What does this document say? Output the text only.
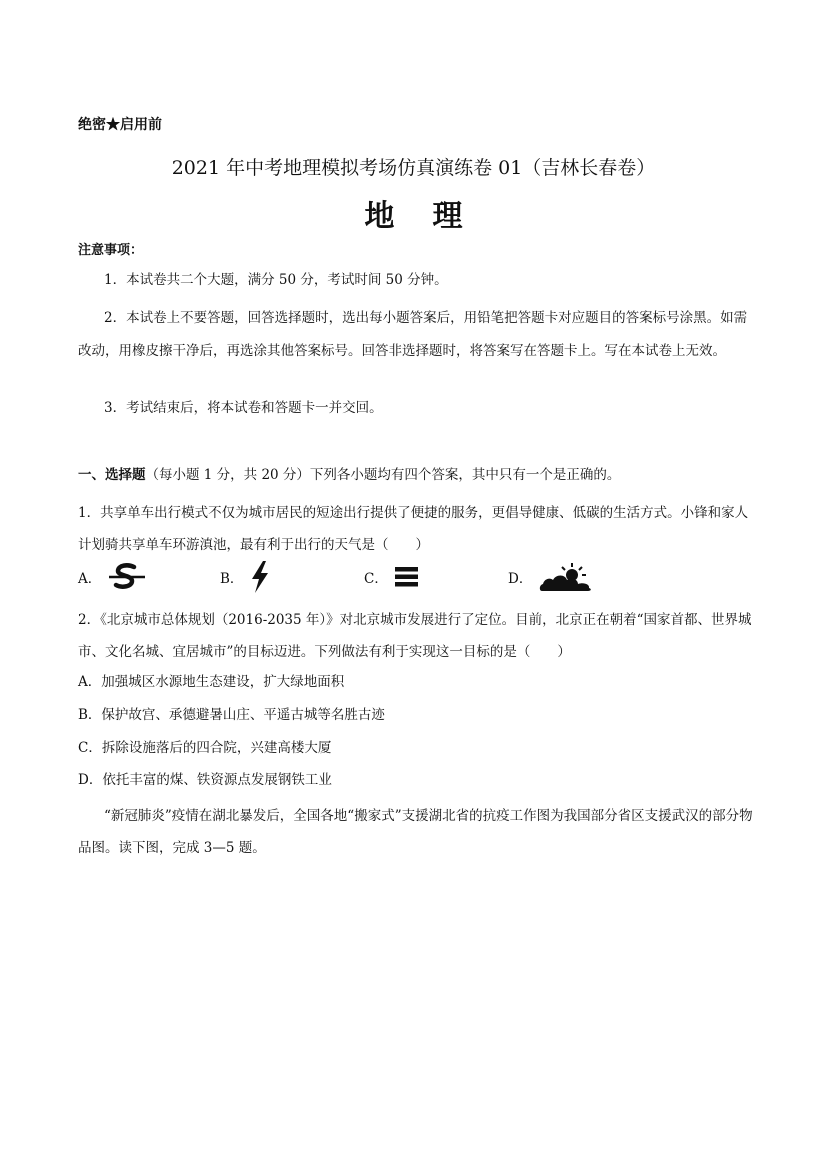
绝密★启用前
2021 年中考地理模拟考场仿真演练卷 01（吉林长春卷）
地理
注意事项：
1．本试卷共二个大题，满分 50 分，考试时间 50 分钟。
2．本试卷上不要答题，回答选择题时，选出每小题答案后，用铅笔把答题卡对应题目的答案标号涂黑。如需改动，用橡皮擦干净后，再选涂其他答案标号。回答非选择题时，将答案写在答题卡上。写在本试卷上无效。
3．考试结束后，将本试卷和答题卡一并交回。
一、选择题（每小题 1 分，共 20 分）下列各小题均有四个答案，其中只有一个是正确的。
1．共享单车出行模式不仅为城市居民的短途出行提供了便捷的服务，更倡导健康、低碳的生活方式。小锋和家人计划骑共享单车环游滇池，最有利于出行的天气是（　　）
A．	B．	C．	D．
2．《北京城市总体规划（2016-2035 年）》对北京城市发展进行了定位。目前，北京正在朝着“国家首都、世界城市、文化名城、宜居城市”的目标迈进。下列做法有利于实现这一目标的是（　　）
A．加强城区水源地生态建设，扩大绿地面积
B．保护故宫、承德避暑山庄、平遥古城等名胜古迹
C．拆除设施落后的四合院，兴建高楼大厦
D．依托丰富的煤、铁资源点发展钢铁工业
“新冠肺炎”疫情在湖北暴发后，全国各地“搬家式”支援湖北省的抗疫工作图为我国部分省区支援武汉的部分物品图。读下图，完成 3—5 题。
